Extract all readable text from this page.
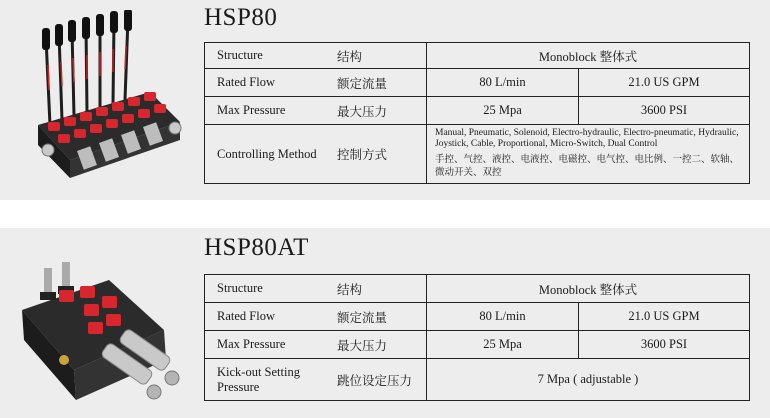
HSP80
Structure 结构	Monoblock 整体式	
Rated Flow 额定流量	80 L/min	21.0 US GPM
Max Pressure 最大压力	25 Mpa	3600 PSI
Controlling Method 控制方式	Manual, Pneumatic, Solenoid, Electro-hydraulic, Electro-pneumatic, Hydraulic, Joystick, Cable, Proportional, Micro-Switch, Dual Control
手控、气控、液控、电液控、电磁控、电气控、电比例、一控二、软轴、微动开关、双控	
HSP80AT
Structure 结构	Monoblock 整体式	
Rated Flow 额定流量	80 L/min	21.0 US GPM
Max Pressure 最大压力	25 Mpa	3600 PSI
Kick-out Setting Pressure 跳位设定压力	7 Mpa ( adjustable )	
